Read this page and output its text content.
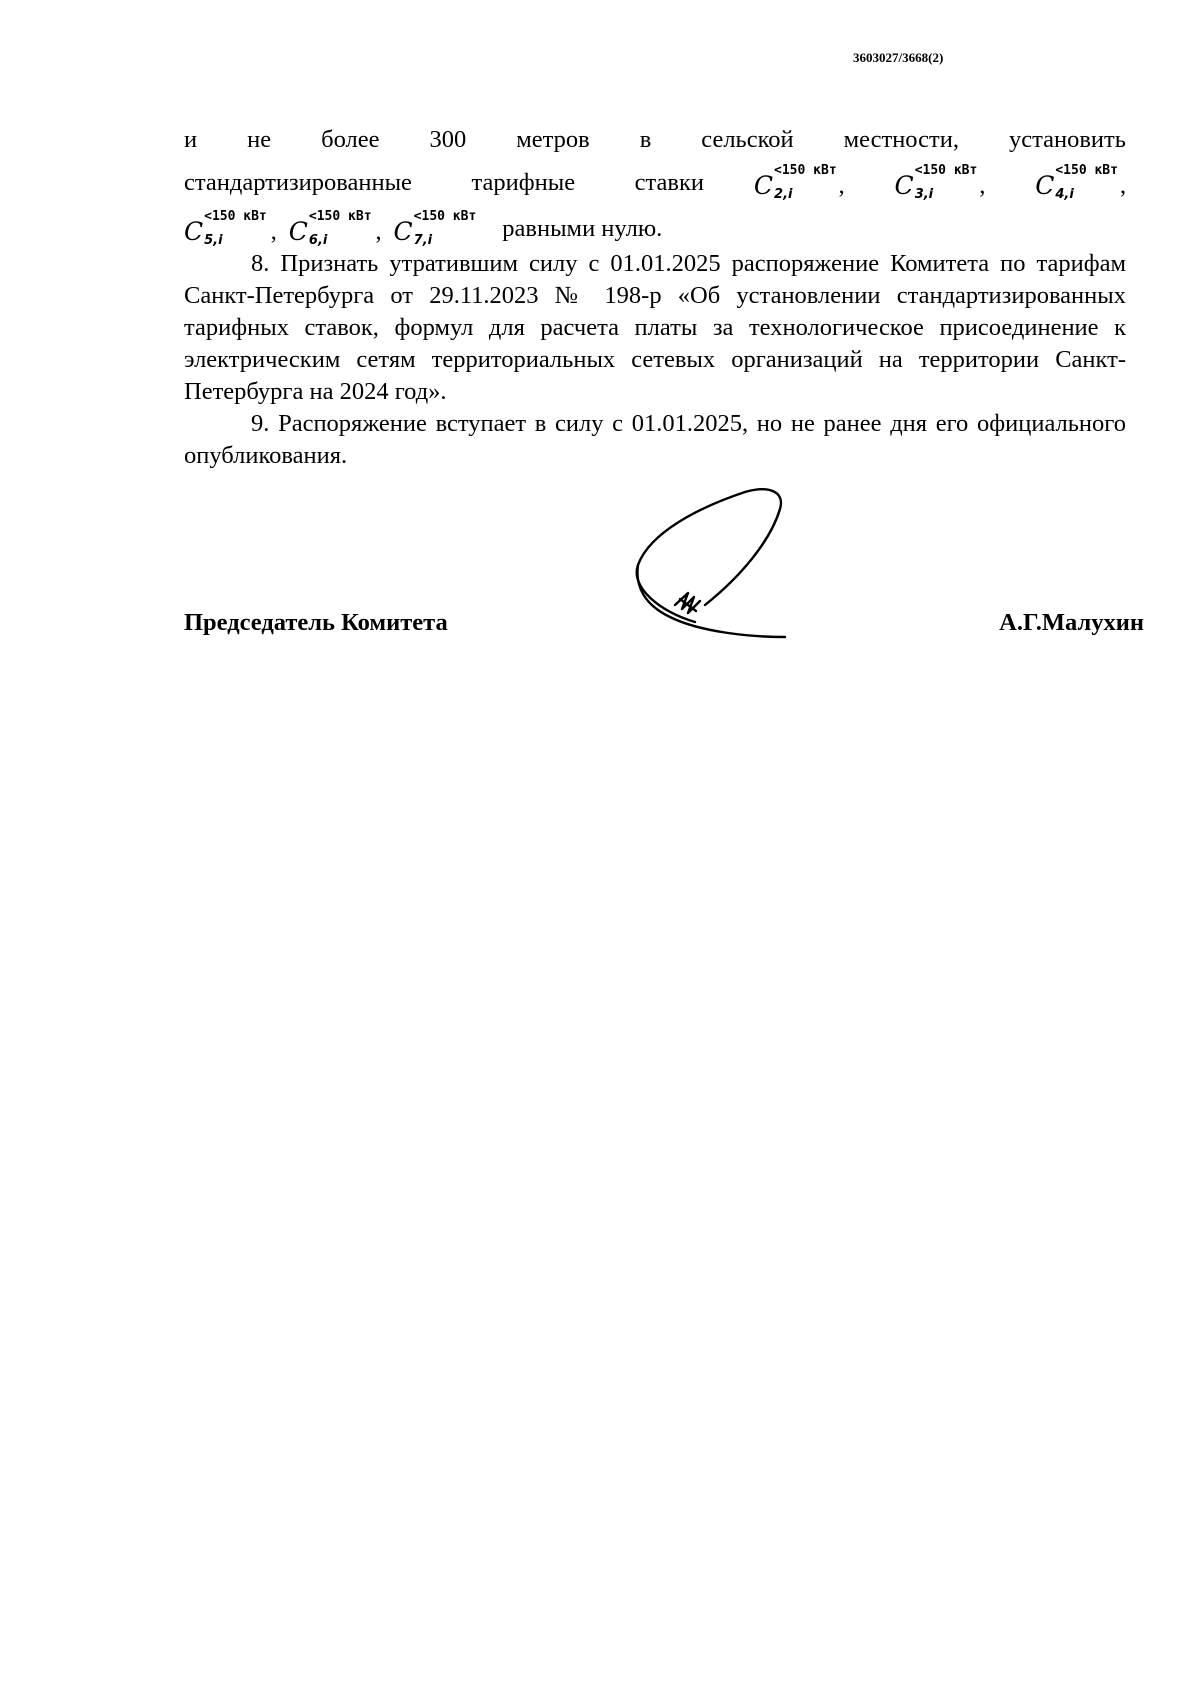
3603027/3668(2)
и не более 300 метров в сельской местности, установить
стандартизированные тарифные ставки C
<150 кВт
2,i	, C
<150 кВт
3,i	, C
<150 кВт
4,i	,
C
<150 кВт
5,i	, C
<150 кВт
6,i	, C
<150 кВт
7,i	равными нулю.

8. Признать утратившим силу с 01.01.2025 распоряжение Комитета по тарифам Санкт-Петербурга от 29.11.2023 № 198-р «Об установлении стандартизированных тарифных ставок, формул для расчета платы за технологическое присоединение к электрическим сетям территориальных сетевых организаций на территории Санкт-Петербурга на 2024 год».

9. Распоряжение вступает в силу с 01.01.2025, но не ранее дня его официального опубликования.

Председатель Комитета	А.Г.Малухин
